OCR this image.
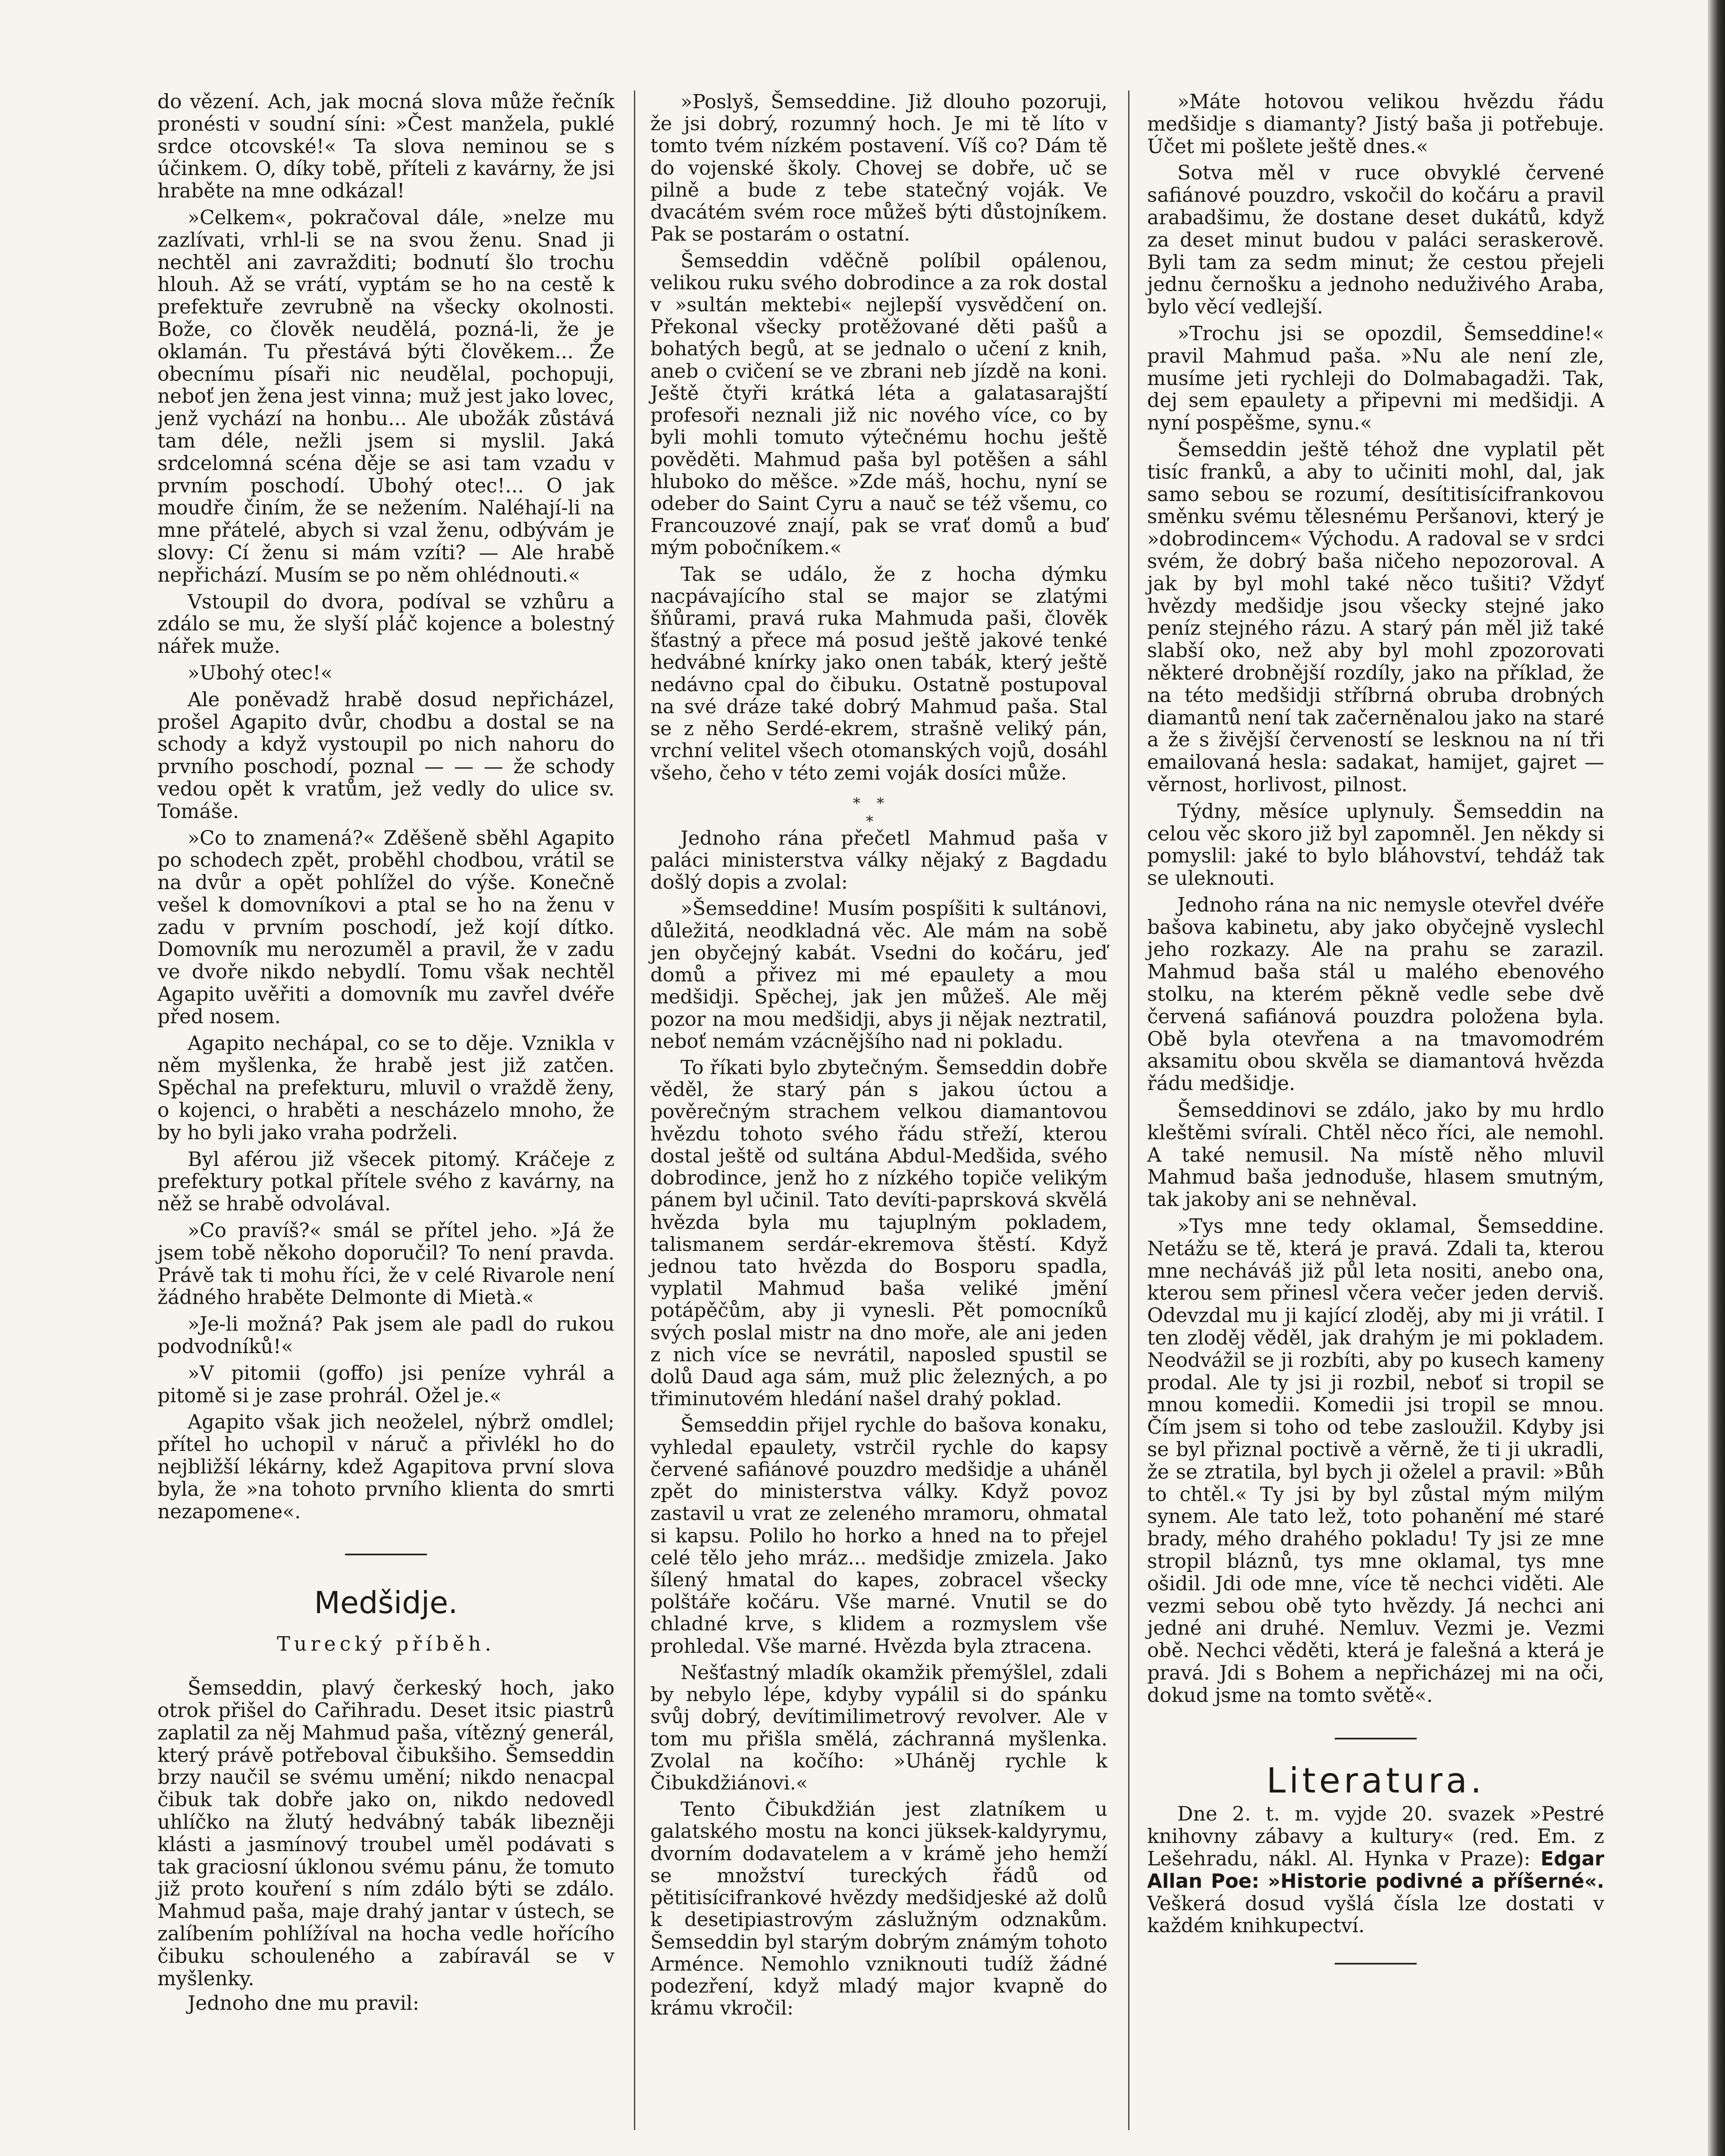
do vězení. Ach, jak mocná slova může řečník pronésti v soudní síni: »Čest manžela, puklé srdce otcovské!« Ta slova neminou se s účinkem. O, díky tobě, příteli z kavárny, že jsi hraběte na mne odkázal!

»Celkem«, pokračoval dále, »nelze mu zazlívati, vrhl-li se na svou ženu. Snad ji nechtěl ani zavražditi; bodnutí šlo trochu hlouh. Až se vrátí, vyptám se ho na cestě k prefektuře zevrubně na všecky okolnosti. Bože, co člověk neudělá, pozná-li, že je oklamán. Tu přestává býti člověkem... Že obecnímu písaři nic neudělal, pochopuji, neboť jen žena jest vinna; muž jest jako lovec, jenž vychází na honbu... Ale ubožák zůstává tam déle, nežli jsem si myslil. Jaká srdcelomná scéna děje se asi tam vzadu v prvním poschodí. Ubohý otec!... O jak moudře činím, že se nežením. Naléhají-li na mne přátelé, abych si vzal ženu, odbývám je slovy: Cí ženu si mám vzíti? — Ale hrabě nepřichází. Musím se po něm ohlédnouti.«

Vstoupil do dvora, podíval se vzhůru a zdálo se mu, že slyší pláč kojence a bolestný nářek muže.

»Ubohý otec!«

Ale poněvadž hrabě dosud nepřicházel, prošel Agapito dvůr, chodbu a dostal se na schody a když vystoupil po nich nahoru do prvního poschodí, poznal — — — že schody vedou opět k vratům, jež vedly do ulice sv. Tomáše.

»Co to znamená?« Zděšeně sběhl Agapito po schodech zpět, proběhl chodbou, vrátil se na dvůr a opět pohlížel do výše. Konečně vešel k domovníkovi a ptal se ho na ženu v zadu v prvním poschodí, jež kojí dítko. Domovník mu nerozuměl a pravil, že v zadu ve dvoře nikdo nebydlí. Tomu však nechtěl Agapito uvěřiti a domovník mu zavřel dvéře před nosem.

Agapito nechápal, co se to děje. Vznikla v něm myšlenka, že hrabě jest již zatčen. Spěchal na prefekturu, mluvil o vraždě ženy, o kojenci, o hraběti a nescházelo mnoho, že by ho byli jako vraha podrželi.

Byl aférou již všecek pitomý. Kráčeje z prefektury potkal přítele svého z kavárny, na něž se hrabě odvolával.

»Co pravíš?« smál se přítel jeho. »Já že jsem tobě někoho doporučil? To není pravda. Právě tak ti mohu říci, že v celé Rivarole není žádného hraběte Delmonte di Mietà.«

»Je-li možná? Pak jsem ale padl do rukou podvodníků!«

»V pitomii (goffo) jsi peníze vyhrál a pitomě si je zase prohrál. Ožel je.«

Agapito však jich neoželel, nýbrž omdlel; přítel ho uchopil v náruč a přivlékl ho do nejbližší lékárny, kdež Agapitova první slova byla, že »na tohoto prvního klienta do smrti nezapomene«.

Medšidje.
Turecký příběh.

Šemseddin, plavý čerkeský hoch, jako otrok přišel do Cařihradu. Deset itsic piastrů zaplatil za něj Mahmud paša, vítězný generál, který právě potřeboval čibukšiho. Šemseddin brzy naučil se svému umění; nikdo nenacpal čibuk tak dobře jako on, nikdo nedovedl uhlíčko na žlutý hedvábný tabák libezněji klásti a jasmínový troubel uměl podávati s tak graciosní úklonou svému pánu, že tomuto již proto kouření s ním zdálo býti se zdálo. Mahmud paša, maje drahý jantar v ústech, se zalíbením pohlížíval na hocha vedle hořícího čibuku schouleného a zabíravál se v myšlenky.

Jednoho dne mu pravil:

»Poslyš, Šemseddine. Již dlouho pozoruji, že jsi dobrý, rozumný hoch. Je mi tě líto v tomto tvém nízkém postavení. Víš co? Dám tě do vojenské školy. Chovej se dobře, uč se pilně a bude z tebe statečný voják. Ve dvacátém svém roce můžeš býti důstojníkem. Pak se postarám o ostatní.

Šemseddin vděčně políbil opálenou, velikou ruku svého dobrodince a za rok dostal v »sultán mektebi« nejlepší vysvědčení on. Překonal všecky protěžované děti pašů a bohatých begů, at se jednalo o učení z knih, aneb o cvičení se ve zbrani neb jízdě na koni. Ještě čtyři krátká léta a galatasarajští profesoři neznali již nic nového více, co by byli mohli tomuto výtečnému hochu ještě pověděti. Mahmud paša byl potěšen a sáhl hluboko do měšce. »Zde máš, hochu, nyní se odeber do Saint Cyru a nauč se též všemu, co Francouzové znají, pak se vrať domů a buď mým pobočníkem.«

Tak se událo, že z hocha dýmku nacpávajícího stal se major se zlatými šňůrami, pravá ruka Mahmuda paši, člověk šťastný a přece má posud ještě jakové tenké hedvábné knírky jako onen tabák, který ještě nedávno cpal do čibuku. Ostatně postupoval na své dráze také dobrý Mahmud paša. Stal se z něho Serdé-ekrem, strašně veliký pán, vrchní velitel všech otomanských vojů, dosáhl všeho, čeho v této zemi voják dosíci může.

* *
*

Jednoho rána přečetl Mahmud paša v paláci ministerstva války nějaký z Bagdadu došlý dopis a zvolal:

»Šemseddine! Musím pospíšiti k sultánovi, důležitá, neodkladná věc. Ale mám na sobě jen obyčejný kabát. Vsedni do kočáru, jeď domů a přivez mi mé epaulety a mou medšidji. Spěchej, jak jen můžeš. Ale měj pozor na mou medšidji, abys ji nějak neztratil, neboť nemám vzácnějšího nad ni pokladu.

To říkati bylo zbytečným. Šemseddin dobře věděl, že starý pán s jakou úctou a pověrečným strachem velkou diamantovou hvězdu tohoto svého řádu střeží, kterou dostal ještě od sultána Abdul-Medšida, svého dobrodince, jenž ho z nízkého topiče velikým pánem byl učinil. Tato devíti-paprsková skvělá hvězda byla mu tajuplným pokladem, talismanem serdár-ekremova štěstí. Když jednou tato hvězda do Bosporu spadla, vyplatil Mahmud baša veliké jmění potápěčům, aby ji vynesli. Pět pomocníků svých poslal mistr na dno moře, ale ani jeden z nich více se nevrátil, naposled spustil se dolů Daud aga sám, muž plic železných, a po třiminutovém hledání našel drahý poklad.

Šemseddin přijel rychle do bašova konaku, vyhledal epaulety, vstrčil rychle do kapsy červené safiánové pouzdro medšidje a uháněl zpět do ministerstva války. Když povoz zastavil u vrat ze zeleného mramoru, ohmatal si kapsu. Polilo ho horko a hned na to přejel celé tělo jeho mráz... medšidje zmizela. Jako šílený hmatal do kapes, zobracel všecky polštáře kočáru. Vše marné. Vnutil se do chladné krve, s klidem a rozmyslem vše prohledal. Vše marné. Hvězda byla ztracena.

Nešťastný mladík okamžik přemýšlel, zdali by nebylo lépe, kdyby vypálil si do spánku svůj dobrý, devítimilimetrový revolver. Ale v tom mu přišla smělá, záchranná myšlenka. Zvolal na kočího: »Uháněj rychle k Čibukdžiánovi.«

Tento Čibukdžián jest zlatníkem u galatského mostu na konci jüksek-kaldyrymu, dvorním dodavatelem a v krámě jeho hemží se množství tureckých řádů od pětitisícifrankové hvězdy medšidjeské až dolů k desetipiastrovým záslužným odznakům. Šemseddin byl starým dobrým známým tohoto Arménce. Nemohlo vzniknouti tudíž žádné podezření, když mladý major kvapně do krámu vkročil:

»Máte hotovou velikou hvězdu řádu medšidje s diamanty? Jistý baša ji potřebuje. Účet mi pošlete ještě dnes.«

Sotva měl v ruce obvyklé červené safiánové pouzdro, vskočil do kočáru a pravil arabadšimu, že dostane deset dukátů, když za deset minut budou v paláci seraskerově. Byli tam za sedm minut; že cestou přejeli jednu černošku a jednoho neduživého Araba, bylo věcí vedlejší.

»Trochu jsi se opozdil, Šemseddine!« pravil Mahmud paša. »Nu ale není zle, musíme jeti rychleji do Dolmabagadži. Tak, dej sem epaulety a připevni mi medšidji. A nyní pospěšme, synu.«

Šemseddin ještě téhož dne vyplatil pět tisíc franků, a aby to učiniti mohl, dal, jak samo sebou se rozumí, desítitisícifrankovou směnku svému tělesnému Peršanovi, který je »dobrodincem« Východu. A radoval se v srdci svém, že dobrý baša ničeho nepozoroval. A jak by byl mohl také něco tušiti? Vždyť hvězdy medšidje jsou všecky stejné jako peníz stejného rázu. A starý pán měl již také slabší oko, než aby byl mohl zpozorovati některé drobnější rozdíly, jako na příklad, že na této medšidji stříbrná obruba drobných diamantů není tak začerněnalou jako na staré a že s živější červeností se lesknou na ní tři emailovaná hesla: sadakat, hamijet, gajret — věrnost, horlivost, pilnost.

Týdny, měsíce uplynuly. Šemseddin na celou věc skoro již byl zapomněl. Jen někdy si pomyslil: jaké to bylo bláhovství, tehdáž tak se uleknouti.

Jednoho rána na nic nemysle otevřel dvéře bašova kabinetu, aby jako obyčejně vyslechl jeho rozkazy. Ale na prahu se zarazil. Mahmud baša stál u malého ebenového stolku, na kterém pěkně vedle sebe dvě červená safiánová pouzdra položena byla. Obě byla otevřena a na tmavomodrém aksamitu obou skvěla se diamantová hvězda řádu medšidje.

Šemseddinovi se zdálo, jako by mu hrdlo kleštěmi svírali. Chtěl něco říci, ale nemohl. A také nemusil. Na místě něho mluvil Mahmud baša jednoduše, hlasem smutným, tak jakoby ani se nehněval.

»Tys mne tedy oklamal, Šemseddine. Netážu se tě, která je pravá. Zdali ta, kterou mne necháváš již půl leta nositi, anebo ona, kterou sem přinesl včera večer jeden derviš. Odevzdal mu ji kající zloděj, aby mi ji vrátil. I ten zloděj věděl, jak drahým je mi pokladem. Neodvážil se ji rozbíti, aby po kusech kameny prodal. Ale ty jsi ji rozbil, neboť si tropil se mnou komedii. Komedii jsi tropil se mnou. Čím jsem si toho od tebe zasloužil. Kdyby jsi se byl přiznal poctivě a věrně, že ti ji ukradli, že se ztratila, byl bych ji oželel a pravil: »Bůh to chtěl.« Ty jsi by byl zůstal mým milým synem. Ale tato lež, toto pohanění mé staré brady, mého drahého pokladu! Ty jsi ze mne stropil bláznů, tys mne oklamal, tys mne ošidil. Jdi ode mne, více tě nechci viděti. Ale vezmi sebou obě tyto hvězdy. Já nechci ani jedné ani druhé. Nemluv. Vezmi je. Vezmi obě. Nechci věděti, která je falešná a která je pravá. Jdi s Bohem a nepřicházej mi na oči, dokud jsme na tomto světě«.

Literatura.

Dne 2. t. m. vyjde 20. svazek »Pestré knihovny zábavy a kultury« (red. Em. z Lešehradu, nákl. Al. Hynka v Praze): Edgar Allan Poe: »Historie podivné a příšerné«. Veškerá dosud vyšlá čísla lze dostati v každém knihkupectví.
